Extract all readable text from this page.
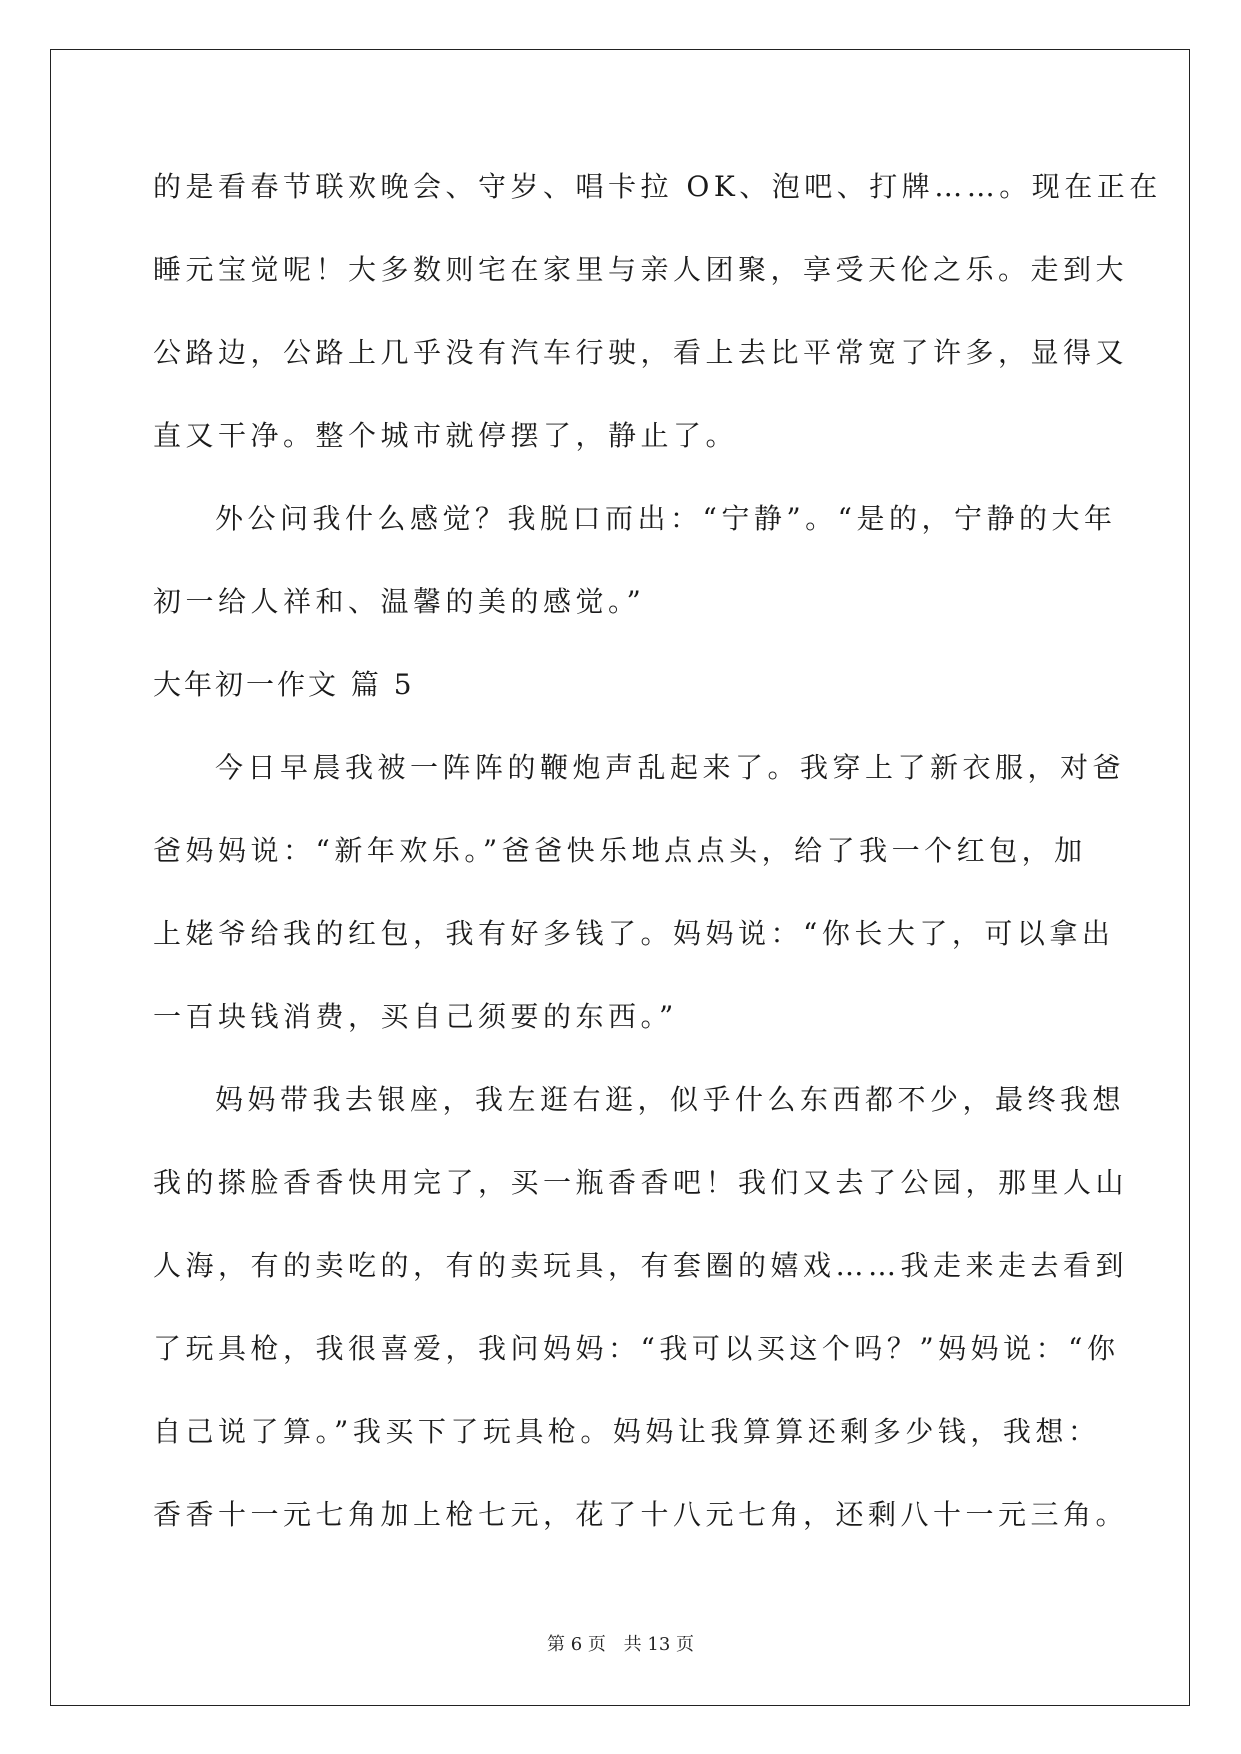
的是看春节联欢晚会、守岁、唱卡拉 OK、泡吧、打牌……。现在正在
睡元宝觉呢！大多数则宅在家里与亲人团聚，享受天伦之乐。走到大
公路边，公路上几乎没有汽车行驶，看上去比平常宽了许多，显得又
直又干净。整个城市就停摆了，静止了。
外公问我什么感觉？我脱口而出：“宁静”。“是的，宁静的大年
初一给人祥和、温馨的美的感觉。”
大年初一作文 篇 5
今日早晨我被一阵阵的鞭炮声乱起来了。我穿上了新衣服，对爸
爸妈妈说：“新年欢乐。”爸爸快乐地点点头，给了我一个红包，加
上姥爷给我的红包，我有好多钱了。妈妈说：“你长大了，可以拿出
一百块钱消费，买自己须要的东西。”
妈妈带我去银座，我左逛右逛，似乎什么东西都不少，最终我想
我的搽脸香香快用完了，买一瓶香香吧！我们又去了公园，那里人山
人海，有的卖吃的，有的卖玩具，有套圈的嬉戏……我走来走去看到
了玩具枪，我很喜爱，我问妈妈：“我可以买这个吗？”妈妈说：“你
自己说了算。”我买下了玩具枪。妈妈让我算算还剩多少钱，我想：
香香十一元七角加上枪七元，花了十八元七角，还剩八十一元三角。
第 6 页 共 13 页
